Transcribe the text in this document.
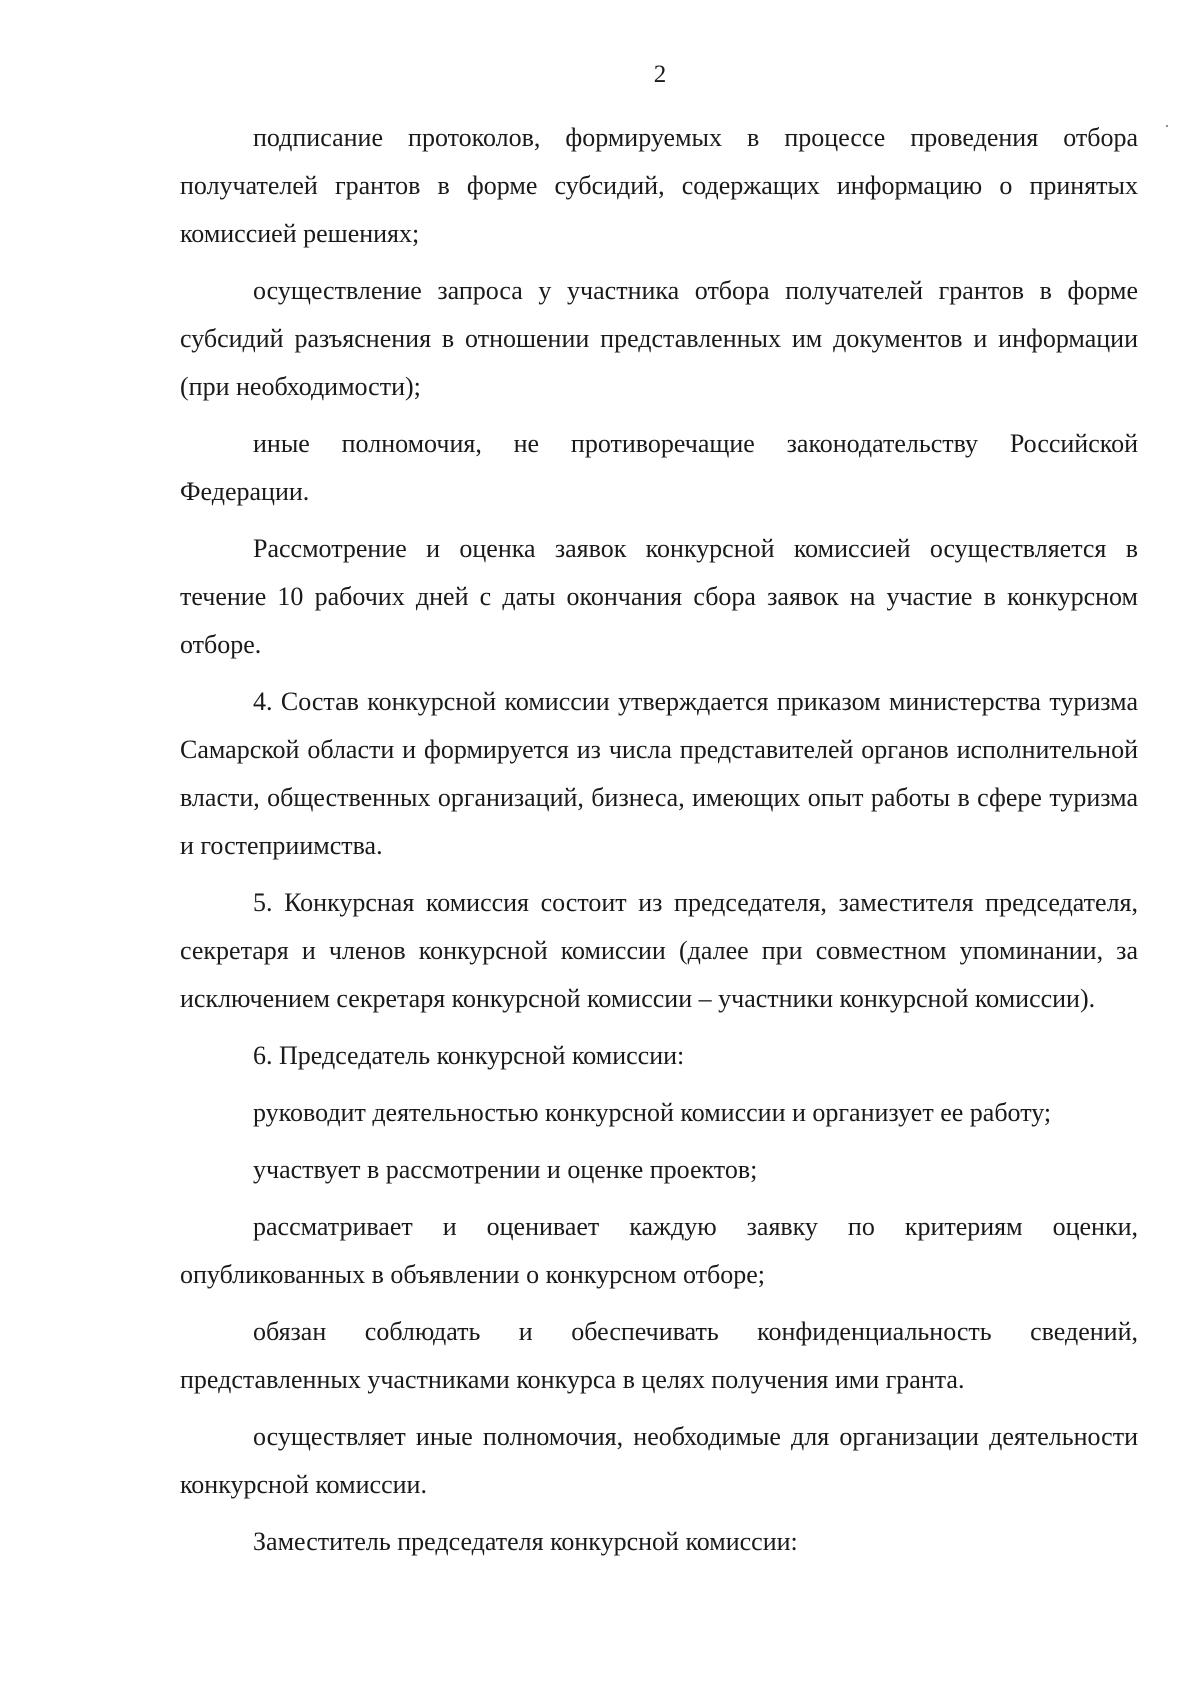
2
·

подписание протоколов, формируемых в процессе проведения отбора получателей грантов в форме субсидий, содержащих информацию о принятых комиссией решениях;

осуществление запроса у участника отбора получателей грантов в форме субсидий разъяснения в отношении представленных им документов и информации (при необходимости);

иные полномочия, не противоречащие законодательству Российской Федерации.

Рассмотрение и оценка заявок конкурсной комиссией осуществляется в течение 10 рабочих дней с даты окончания сбора заявок на участие в конкурсном отборе.

4. Состав конкурсной комиссии утверждается приказом министерства туризма Самарской области и формируется из числа представителей органов исполнительной власти, общественных организаций, бизнеса, имеющих опыт работы в сфере туризма и гостеприимства.

5. Конкурсная комиссия состоит из председателя, заместителя председателя, секретаря и членов конкурсной комиссии (далее при совместном упоминании, за исключением секретаря конкурсной комиссии – участники конкурсной комиссии).

6. Председатель конкурсной комиссии:

руководит деятельностью конкурсной комиссии и организует ее работу;

участвует в рассмотрении и оценке проектов;

рассматривает и оценивает каждую заявку по критериям оценки, опубликованных в объявлении о конкурсном отборе;

обязан соблюдать и обеспечивать конфиденциальность сведений, представленных участниками конкурса в целях получения ими гранта.

осуществляет иные полномочия, необходимые для организации деятельности конкурсной комиссии.

Заместитель председателя конкурсной комиссии:
